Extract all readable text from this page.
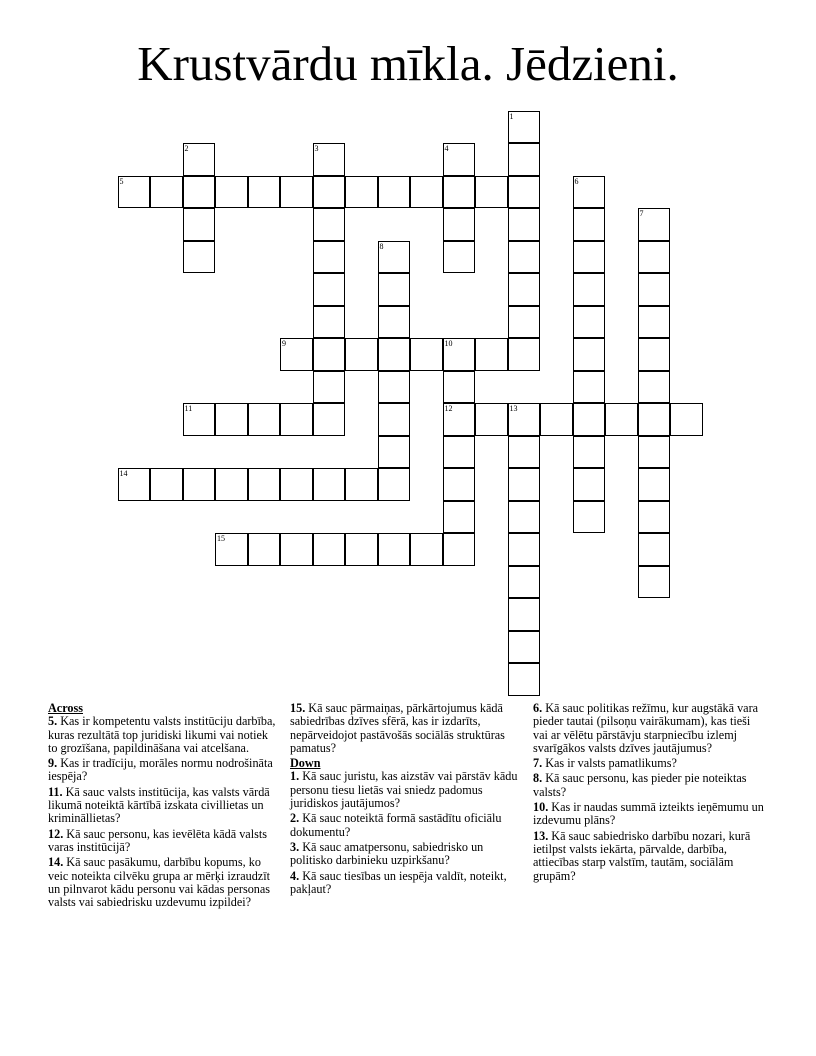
Krustvārdu mīkla. Jēdzieni.
1
2	3	4
5	6
7
8
9	10
12
11	13
14
15
Across
5. Kas ir kompetentu valsts institūciju darbība, kuras rezultātā top juridiski likumi vai notiek to grozīšana, papildināšana vai atcelšana.
9. Kas ir tradīciju, morāles normu nodrošināta iespēja?
11. Kā sauc valsts institūcija, kas valsts vārdā likumā noteiktā kārtībā izskata civillietas un krimināllietas?
12. Kā sauc personu, kas ievēlēta kādā valsts varas institūcijā?
14. Kā sauc pasākumu, darbību kopums, ko veic noteikta cilvēku grupa ar mērķi izraudzīt un pilnvarot kādu personu vai kādas personas valsts vai sabiedrisku uzdevumu izpildei?
15. Kā sauc pārmaiņas, pārkārtojumus kādā sabiedrības dzīves sfērā, kas ir izdarīts, nepārveidojot pastāvošās sociālās struktūras pamatus?
Down
1. Kā sauc juristu, kas aizstāv vai pārstāv kādu personu tiesu lietās vai sniedz padomus juridiskos jautājumos?
2. Kā sauc noteiktā formā sastādītu oficiālu dokumentu?
3. Kā sauc amatpersonu, sabiedrisko un politisko darbinieku uzpirkšanu?
4. Kā sauc tiesības un iespēja valdīt, noteikt, pakļaut?
6. Kā sauc politikas režīmu, kur augstākā vara pieder tautai (pilsoņu vairākumam), kas tieši vai ar vēlētu pārstāvju starpniecību izlemj svarīgākos valsts dzīves jautājumus?
7. Kas ir valsts pamatlikums?
8. Kā sauc personu, kas pieder pie noteiktas valsts?
10. Kas ir naudas summā izteikts ieņēmumu un izdevumu plāns?
13. Kā sauc sabiedrisko darbību nozari, kurā ietilpst valsts iekārta, pārvalde, darbība, attiecības starp valstīm, tautām, sociālām grupām?
